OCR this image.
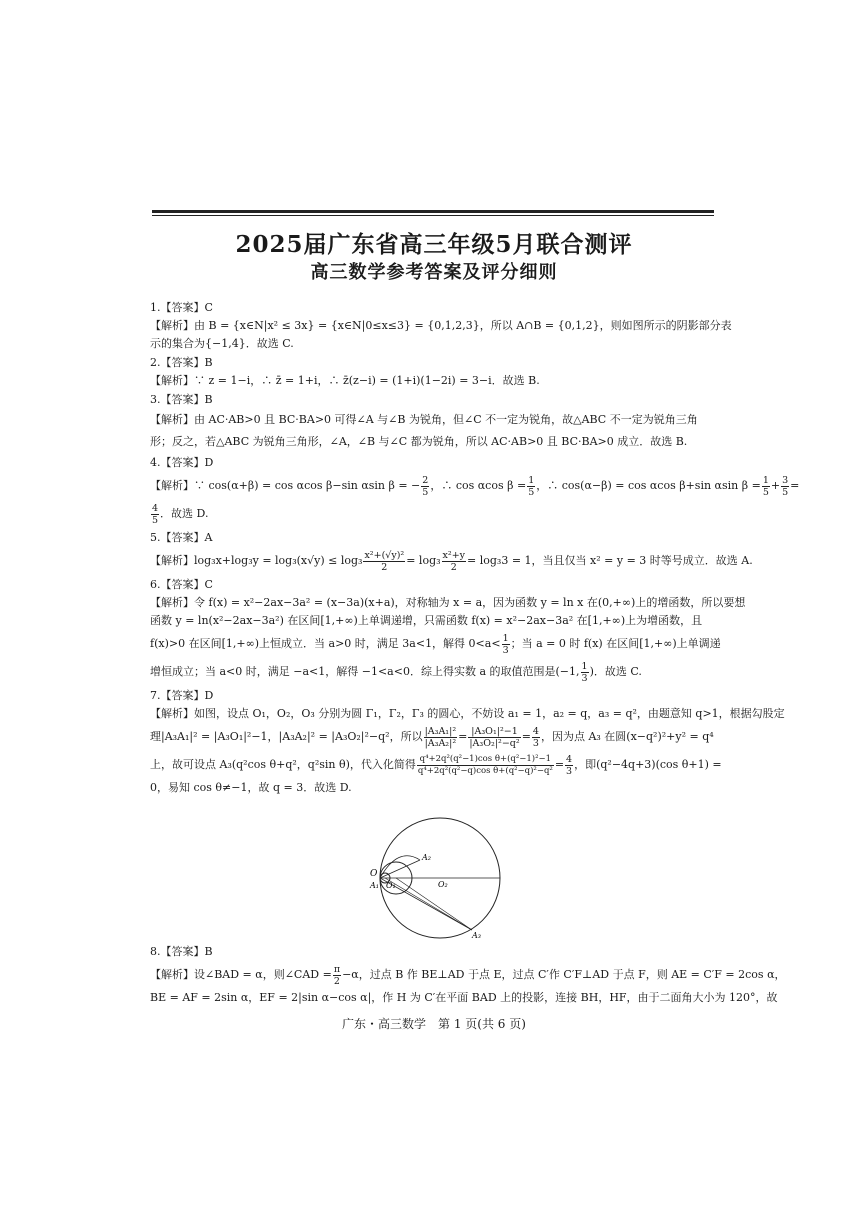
2025届广东省高三年级5月联合测评
高三数学参考答案及评分细则
1.【答案】C
【解析】由 B = {x∈N|x² ≤ 3x} = {x∈N|0≤x≤3} = {0,1,2,3}，所以 A∩B = {0,1,2}，则如图所示的阴影部分表
示的集合为{−1,4}．故选 C.
2.【答案】B
【解析】∵ z = 1−i，∴ z̄ = 1+i，∴ z̄(z−i) = (1+i)(1−2i) = 3−i．故选 B.
3.【答案】B
【解析】由 AC·AB>0 且 BC·BA>0 可得∠A 与∠B 为锐角，但∠C 不一定为锐角，故△ABC 不一定为锐角三角
形；反之，若△ABC 为锐角三角形，∠A，∠B 与∠C 都为锐角，所以 AC·AB>0 且 BC·BA>0 成立．故选 B.
4.【答案】D
【解析】∵ cos(α+β) = cos αcos β−sin αsin β = − $\frac{2}{5}$ ，∴ cos αcos $\beta = \frac{1}{5}$ ，∴ cos(α−β) = cos αcos β+sin αsin $\beta = \frac{1}{5} + \frac{3}{5}$ =
$\frac{4}{5}$ ．故选 D.
5.【答案】A
【解析】$\log_3x+\log_3y = \log_3(x√y) \le \log_3 \frac{\text{x²+(√y)²}}{2} = \log_3 \frac{\text{x²+y}}{2} = \log_33 = 1$，当且仅当 x² = y = 3 时等号成立．故选 A.
6.【答案】C
【解析】令 f(x) = x²−2ax−3a² = (x−3a)(x+a)，对称轴为 x = a，因为函数 y = ln x 在(0,+∞)上的增函数，所以要想
函数 y = ln(x²−2ax−3a²) 在区间[1,+∞)上单调递增，只需函数 f(x) = x²−2ax−3a² 在[1,+∞)上为增函数，且
f(x)>0 在区间[1,+∞)上恒成立．当 a>0 时，满足 3a<1，解得 $0<a< \frac{1}{3}$ ；当 a = 0 时 f(x) 在区间[1,+∞)上单调递
增恒成立；当 a<0 时，满足 −a<1，解得 −1<a<0．综上得实数 a 的取值范围是(−1, $\frac{1}{3}$ )．故选 C.
7.【答案】D
【解析】如图，设点 O₁，O₂，O₃ 分别为圆 Γ₁，Γ₂，Γ₃ 的圆心，不妨设 a₁ = 1，a₂ = q，a₃ = q²，由题意知 q>1，根据勾股定
理|A₃A₁|² = |A₃O₁|²−1，|A₃A₂|² = |A₃O₂|²−q²，所以 $\frac{\text{|A₃A₁|²}}{\text{|A₃A₂|²}} = \frac{\text{|A₃O₁|²−1}}{\text{|A₃O₂|²−q²}} = \frac{4}{3}$ ，因为点 A₃ 在圆(x−q²)²+y² = q⁴
上，故可设点 A₃(q²cos θ+q²，q²sin θ)，代入化简得 $\frac{\text{q⁴+2q²(q²−1)cos θ+(q²−1)²−1}}{\text{q⁴+2q²(q²−q)cos θ+(q²−q)²−q²}} = \frac{4}{3}$ ，即(q²−4q+3)(cos θ+1) =
0，易知 cos θ≠−1，故 q = 3．故选 D.
O
A₁ O₁	O₂
A₂
A₃
8.【答案】B
【解析】设∠BAD = α，则∠CAD = $\frac{\pi}{2} -\alpha$，过点 B 作 BE⊥AD 于点 E，过点 C′作 C′F⊥AD 于点 F，则 AE = C′F = 2cos α，
BE = AF = 2sin α，EF = 2|sin α−cos α|，作 H 为 C′在平面 BAD 上的投影，连接 BH，HF，由于二面角大小为 120°，故
广东・高三数学　第 1 页(共 6 页)
